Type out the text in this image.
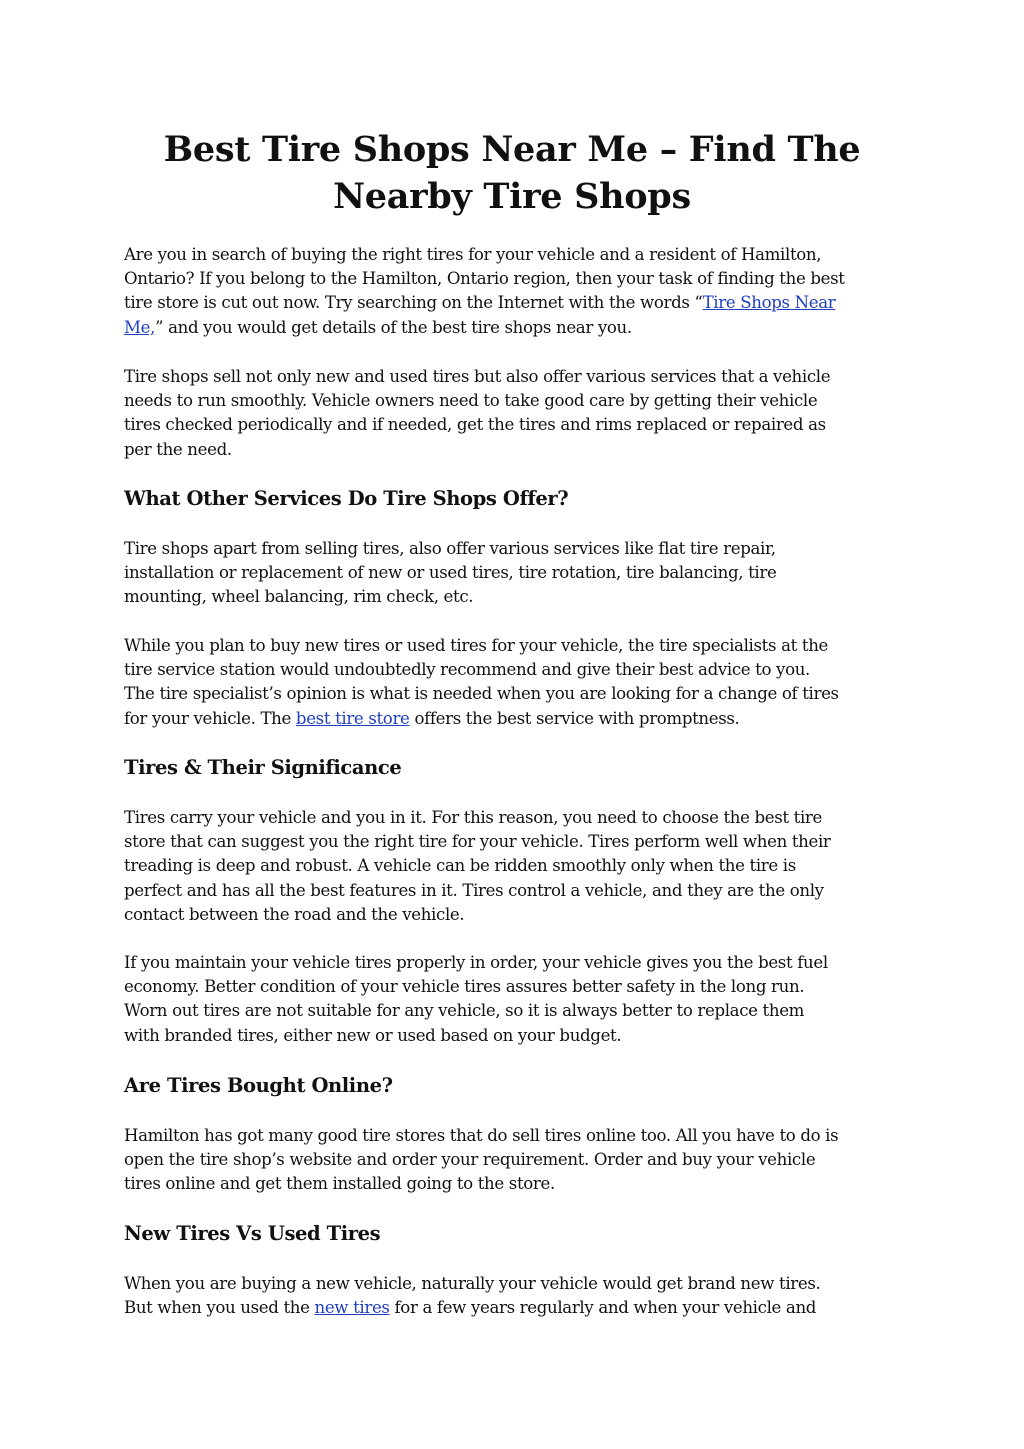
Best Tire Shops Near Me – Find The
Nearby Tire Shops

Are you in search of buying the right tires for your vehicle and a resident of Hamilton,
Ontario? If you belong to the Hamilton, Ontario region, then your task of finding the best
tire store is cut out now. Try searching on the Internet with the words “Tire Shops Near
Me,” and you would get details of the best tire shops near you.

Tire shops sell not only new and used tires but also offer various services that a vehicle
needs to run smoothly. Vehicle owners need to take good care by getting their vehicle
tires checked periodically and if needed, get the tires and rims replaced or repaired as
per the need.

What Other Services Do Tire Shops Offer?

Tire shops apart from selling tires, also offer various services like flat tire repair,
installation or replacement of new or used tires, tire rotation, tire balancing, tire
mounting, wheel balancing, rim check, etc.

While you plan to buy new tires or used tires for your vehicle, the tire specialists at the
tire service station would undoubtedly recommend and give their best advice to you.
The tire specialist’s opinion is what is needed when you are looking for a change of tires
for your vehicle. The best tire store offers the best service with promptness.

Tires & Their Significance

Tires carry your vehicle and you in it. For this reason, you need to choose the best tire
store that can suggest you the right tire for your vehicle. Tires perform well when their
treading is deep and robust. A vehicle can be ridden smoothly only when the tire is
perfect and has all the best features in it. Tires control a vehicle, and they are the only
contact between the road and the vehicle.

If you maintain your vehicle tires properly in order, your vehicle gives you the best fuel
economy. Better condition of your vehicle tires assures better safety in the long run.
Worn out tires are not suitable for any vehicle, so it is always better to replace them
with branded tires, either new or used based on your budget.

Are Tires Bought Online?

Hamilton has got many good tire stores that do sell tires online too. All you have to do is
open the tire shop’s website and order your requirement. Order and buy your vehicle
tires online and get them installed going to the store.

New Tires Vs Used Tires

When you are buying a new vehicle, naturally your vehicle would get brand new tires.
But when you used the new tires for a few years regularly and when your vehicle and
